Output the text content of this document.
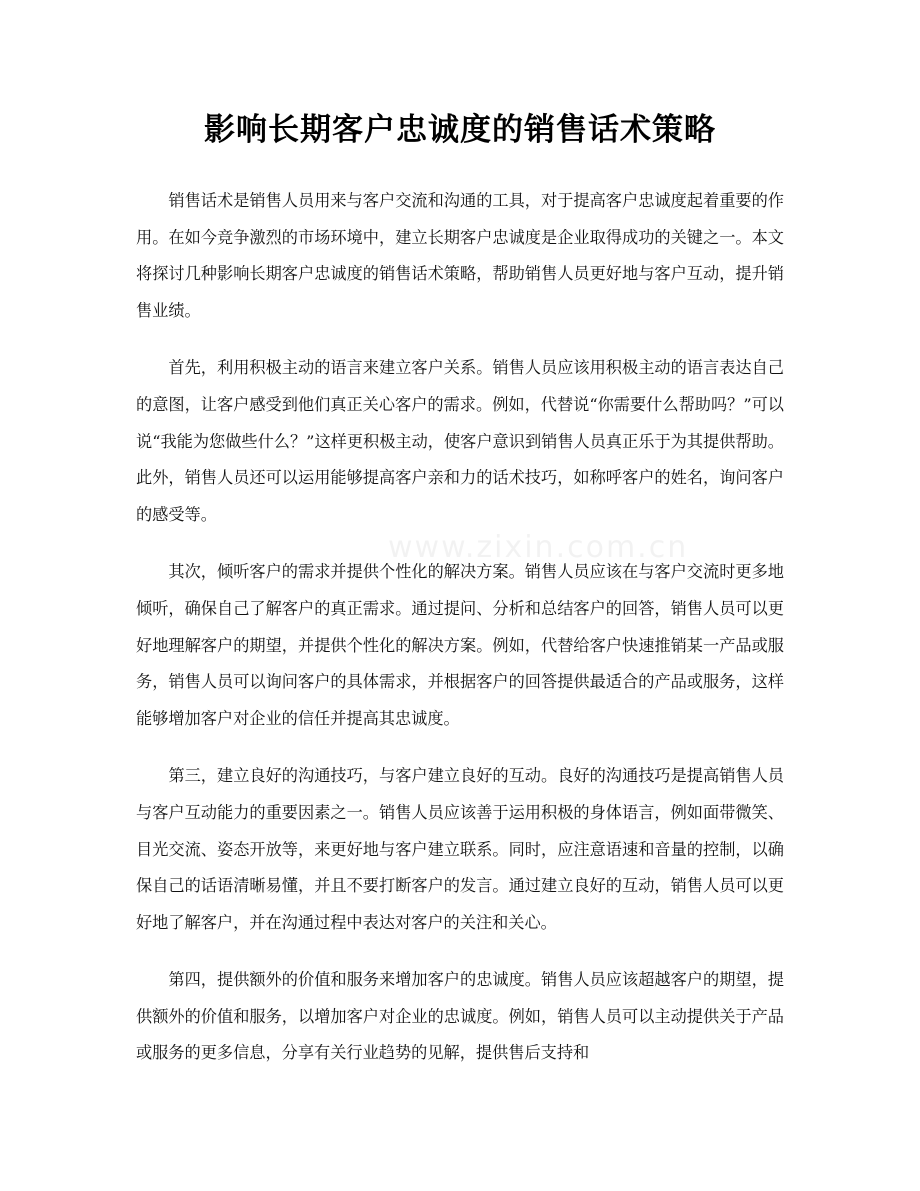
影响长期客户忠诚度的销售话术策略
www.zixin.com.cn

销售话术是销售人员用来与客户交流和沟通的工具，对于提高客户忠诚度起着重要的作用。在如今竞争激烈的市场环境中，建立长期客户忠诚度是企业取得成功的关键之一。本文将探讨几种影响长期客户忠诚度的销售话术策略，帮助销售人员更好地与客户互动，提升销售业绩。

首先，利用积极主动的语言来建立客户关系。销售人员应该用积极主动的语言表达自己的意图，让客户感受到他们真正关心客户的需求。例如，代替说“你需要什么帮助吗？”可以说“我能为您做些什么？”这样更积极主动，使客户意识到销售人员真正乐于为其提供帮助。此外，销售人员还可以运用能够提高客户亲和力的话术技巧，如称呼客户的姓名，询问客户的感受等。

其次，倾听客户的需求并提供个性化的解决方案。销售人员应该在与客户交流时更多地倾听，确保自己了解客户的真正需求。通过提问、分析和总结客户的回答，销售人员可以更好地理解客户的期望，并提供个性化的解决方案。例如，代替给客户快速推销某一产品或服务，销售人员可以询问客户的具体需求，并根据客户的回答提供最适合的产品或服务，这样能够增加客户对企业的信任并提高其忠诚度。

第三，建立良好的沟通技巧，与客户建立良好的互动。良好的沟通技巧是提高销售人员与客户互动能力的重要因素之一。销售人员应该善于运用积极的身体语言，例如面带微笑、目光交流、姿态开放等，来更好地与客户建立联系。同时，应注意语速和音量的控制，以确保自己的话语清晰易懂，并且不要打断客户的发言。通过建立良好的互动，销售人员可以更好地了解客户，并在沟通过程中表达对客户的关注和关心。

第四，提供额外的价值和服务来增加客户的忠诚度。销售人员应该超越客户的期望，提供额外的价值和服务，以增加客户对企业的忠诚度。例如，销售人员可以主动提供关于产品或服务的更多信息，分享有关行业趋势的见解，提供售后支持和
